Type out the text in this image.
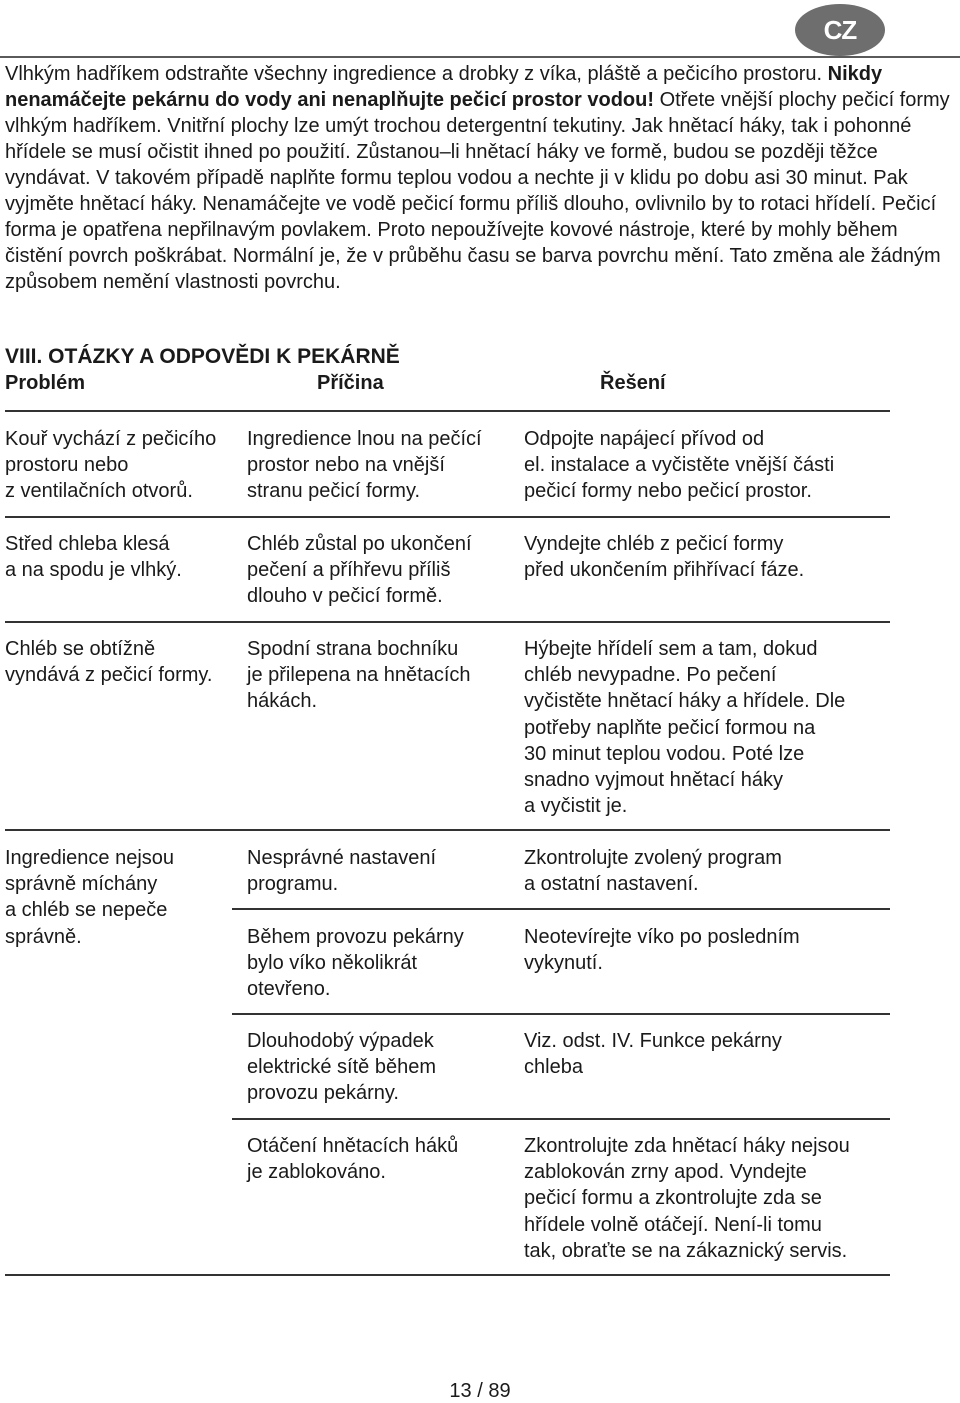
CZ

Vlhkým hadříkem odstraňte všechny ingredience a drobky z víka, pláště a pečicího prostoru. Nikdy nenamáčejte pekárnu do vody ani nenaplňujte pečicí prostor vodou! Otřete vnější plochy pečicí formy vlhkým hadříkem. Vnitřní plochy lze umýt trochou detergentní tekutiny. Jak hnětací háky, tak i pohonné hřídele se musí očistit ihned po použití. Zůstanou–li hnětací háky ve formě, budou se později těžce vyndávat. V takovém případě naplňte formu teplou vodou a nechte ji v klidu po dobu asi 30 minut. Pak vyjměte hnětací háky. Nenamáčejte ve vodě pečicí formu příliš dlouho, ovlivnilo by to rotaci hřídelí. Pečicí forma je opatřena nepřilnavým povlakem. Proto nepoužívejte kovové nástroje, které by mohly během čistění povrch poškrábat. Normální je, že v průběhu času se barva povrchu mění. Tato změna ale žádným způsobem nemění vlastnosti povrchu.

VIII. OTÁZKY A ODPOVĚDI K PEKÁRNĚ
Problém	Příčina	Řešení

Kouř vychází z pečicího
prostoru nebo
z ventilačních otvorů.

Ingredience lnou na pečící
prostor nebo na vnější
stranu pečicí formy.

Odpojte napájecí přívod od
el. instalace a vyčistěte vnější části
pečicí formy nebo pečicí prostor.

Střed chleba klesá
a na spodu je vlhký.

Chléb zůstal po ukončení
pečení a příhřevu příliš
dlouho v pečicí formě.

Vyndejte chléb z pečicí formy
před ukončením přihřívací fáze.

Chléb se obtížně
vyndává z pečicí formy.

Spodní strana bochníku
je přilepena na hnětacích
hákách.

Hýbejte hřídelí sem a tam, dokud
chléb nevypadne. Po pečení
vyčistěte hnětací háky a hřídele. Dle
potřeby naplňte pečicí formou na
30 minut teplou vodou. Poté lze
snadno vyjmout hnětací háky
a vyčistit je.

Ingredience nejsou
správně míchány
a chléb se nepeče
správně.

Nesprávné nastavení
programu.

Zkontrolujte zvolený program
a ostatní nastavení.

Během provozu pekárny
bylo víko několikrát
otevřeno.

Neotevírejte víko po posledním
vykynutí.

Dlouhodobý výpadek
elektrické sítě během
provozu pekárny.

Viz. odst. IV. Funkce pekárny
chleba

Otáčení hnětacích háků
je zablokováno.

Zkontrolujte zda hnětací háky nejsou
zablokován zrny apod. Vyndejte
pečicí formu a zkontrolujte zda se
hřídele volně otáčejí. Není-li tomu
tak, obraťte se na zákaznický servis.

13 / 89
